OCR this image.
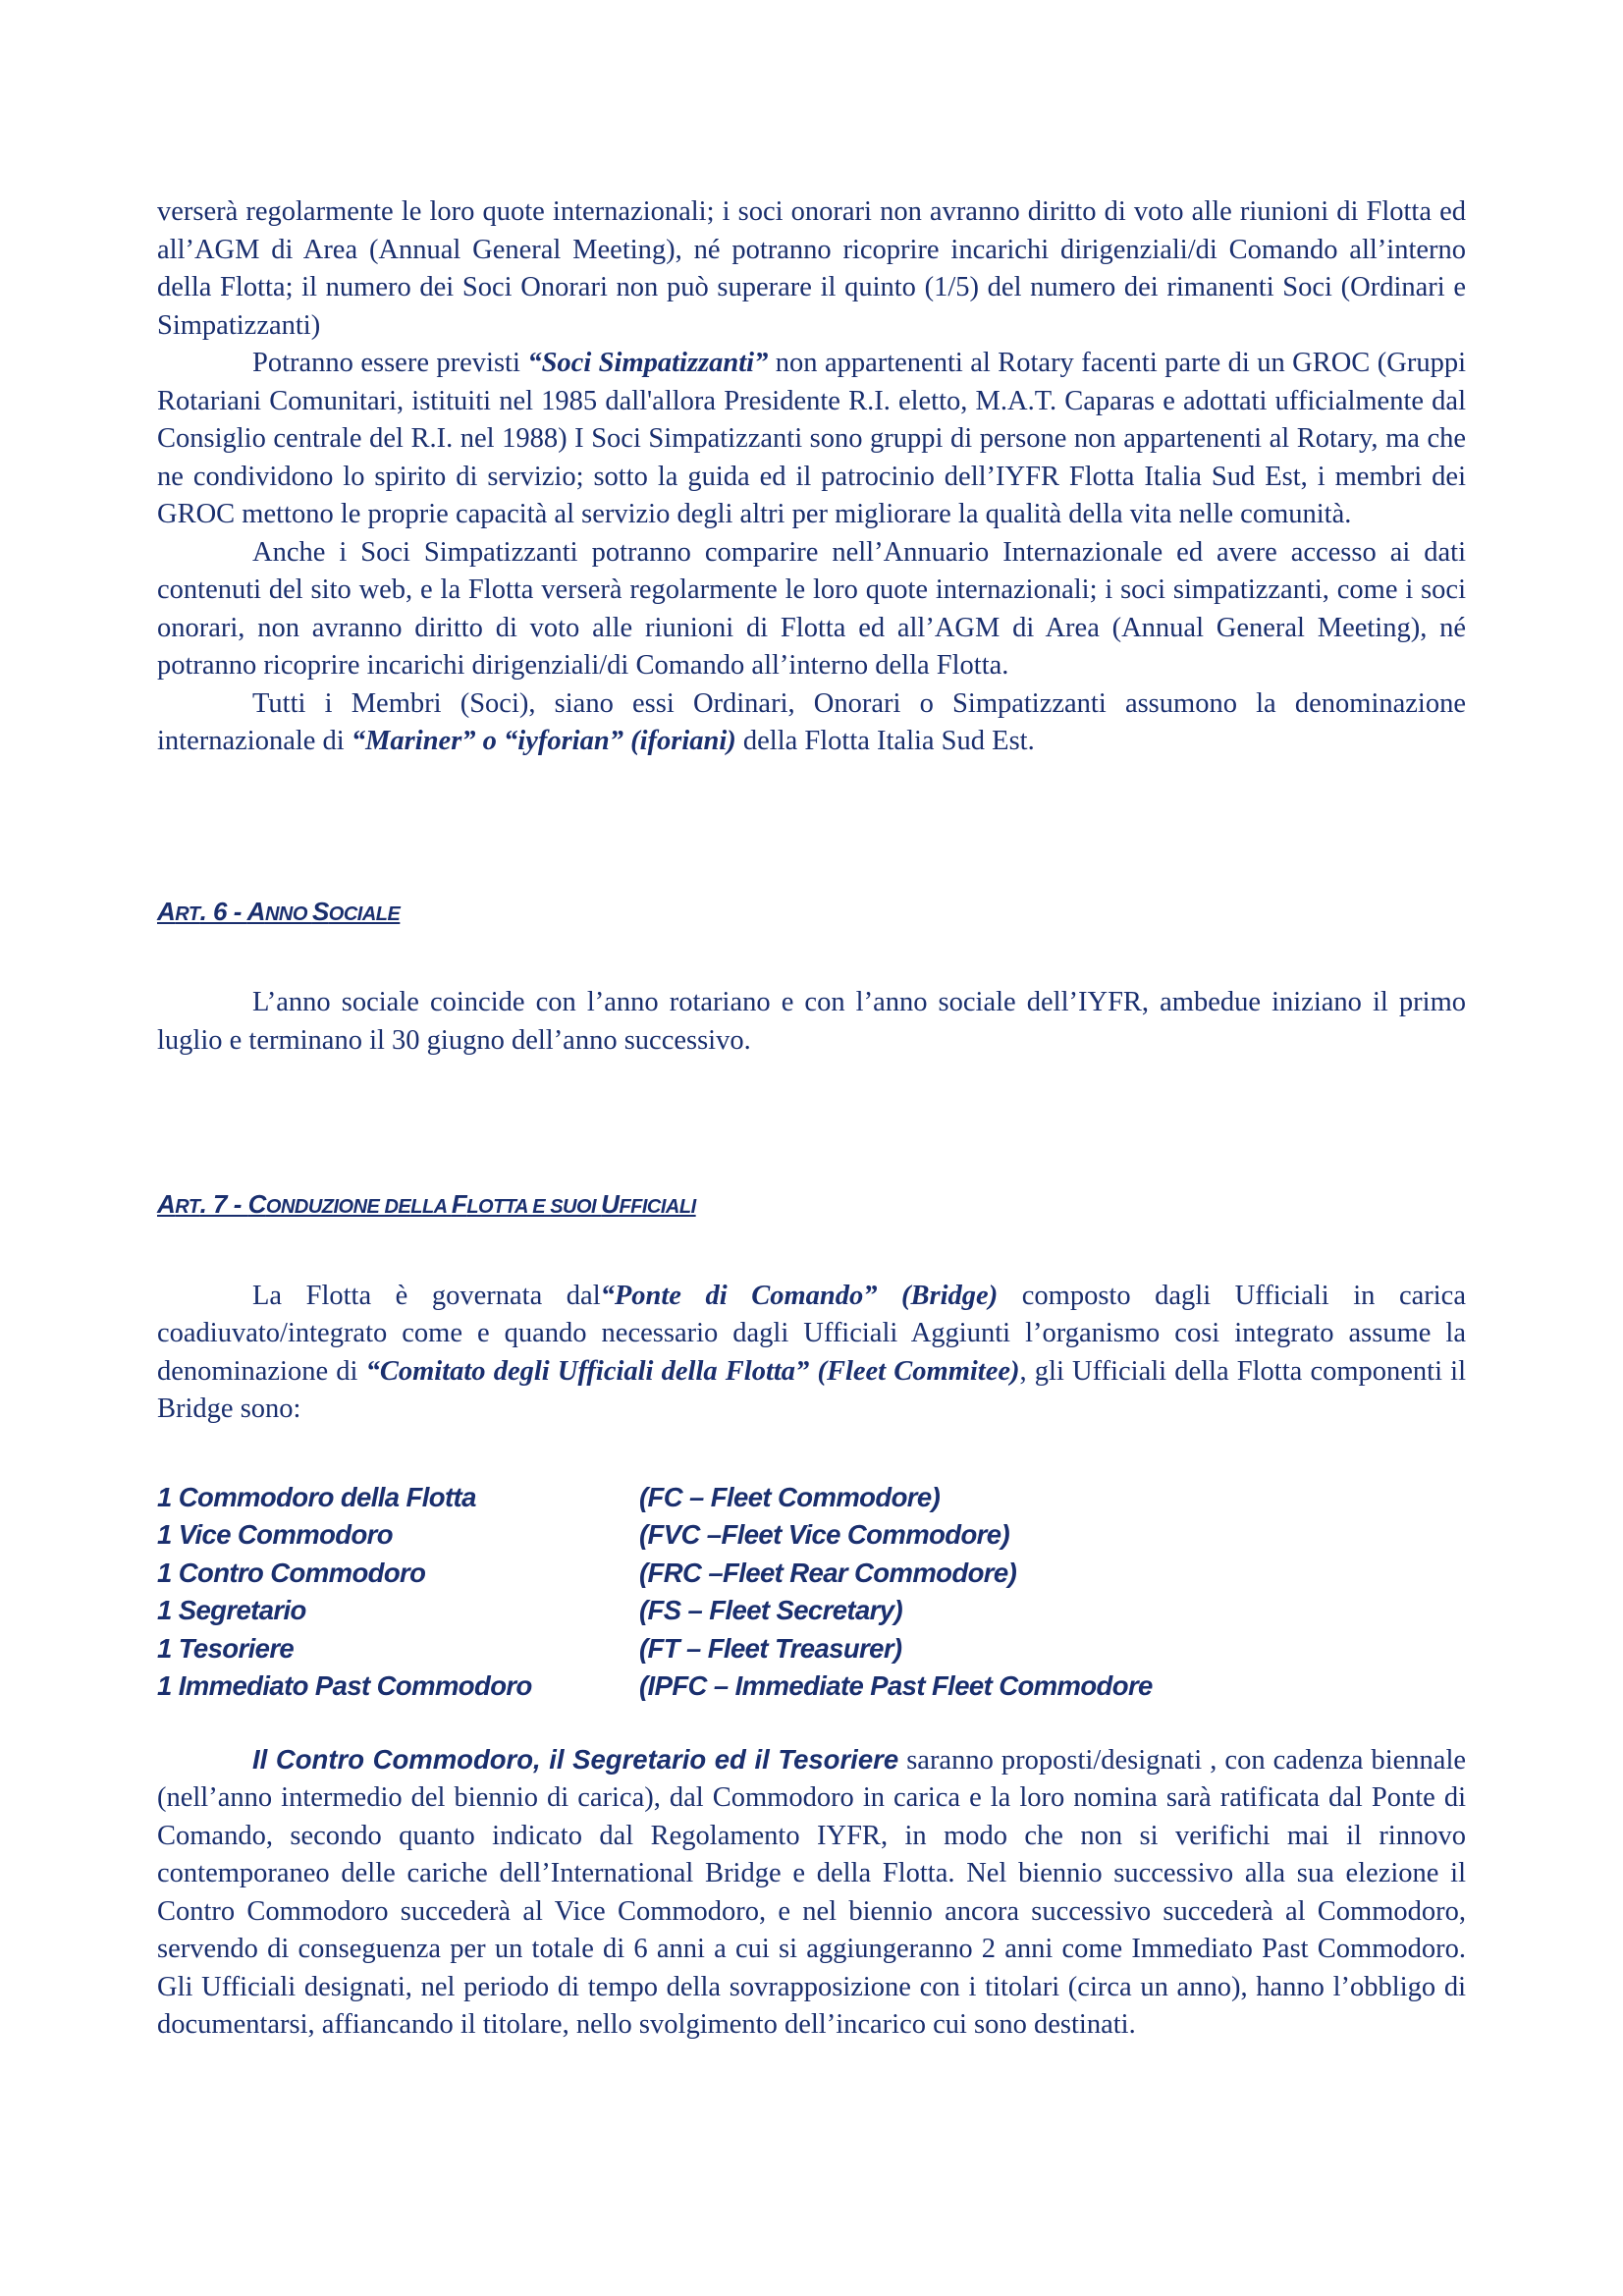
verserà regolarmente le loro quote internazionali; i soci onorari non avranno diritto di voto alle riunioni di Flotta ed all’AGM di Area (Annual General Meeting), né potranno ricoprire incarichi dirigenziali/di Comando all’interno della Flotta; il numero dei Soci Onorari non può superare il quinto (1/5) del numero dei rimanenti Soci (Ordinari e Simpatizzanti)

Potranno essere previsti “Soci Simpatizzanti” non appartenenti al Rotary facenti parte di un GROC (Gruppi Rotariani Comunitari, istituiti nel 1985 dall'allora Presidente R.I. eletto, M.A.T. Caparas e adottati ufficialmente dal Consiglio centrale del R.I. nel 1988) I Soci Simpatizzanti sono gruppi di persone non appartenenti al Rotary, ma che ne condividono lo spirito di servizio; sotto la guida ed il patrocinio dell’IYFR Flotta Italia Sud Est, i membri dei GROC mettono le proprie capacità al servizio degli altri per migliorare la qualità della vita nelle comunità.

Anche i Soci Simpatizzanti potranno comparire nell’Annuario Internazionale ed avere accesso ai dati contenuti del sito web, e la Flotta verserà regolarmente le loro quote internazionali; i soci simpatizzanti, come i soci onorari, non avranno diritto di voto alle riunioni di Flotta ed all’AGM di Area (Annual General Meeting), né potranno ricoprire incarichi dirigenziali/di Comando all’interno della Flotta.

Tutti i Membri (Soci), siano essi Ordinari, Onorari o Simpatizzanti assumono la denominazione internazionale di “Mariner” o “iyforian” (iforiani) della Flotta Italia Sud Est.

ART. 6 - ANNO SOCIALE

L’anno sociale coincide con l’anno rotariano e con l’anno sociale dell’IYFR, ambedue iniziano il primo luglio e terminano il 30 giugno dell’anno successivo.

ART. 7 - CONDUZIONE DELLA FLOTTA E SUOI UFFICIALI

La Flotta è governata dal“Ponte di Comando” (Bridge) composto dagli Ufficiali in carica coadiuvato/integrato come e quando necessario dagli Ufficiali Aggiunti l’organismo cosi integrato assume la denominazione di “Comitato degli Ufficiali della Flotta” (Fleet Commitee), gli Ufficiali della Flotta componenti il Bridge sono:

1 Commodoro della Flotta	(FC – Fleet Commodore)
1 Vice Commodoro	(FVC –Fleet Vice Commodore)
1 Contro Commodoro	(FRC –Fleet Rear Commodore)
1 Segretario	(FS – Fleet Secretary)
1 Tesoriere	(FT – Fleet Treasurer)
1 Immediato Past Commodoro	(IPFC – Immediate Past Fleet Commodore

Il Contro Commodoro, il Segretario ed il Tesoriere saranno proposti/designati , con cadenza biennale (nell’anno intermedio del biennio di carica), dal Commodoro in carica e la loro nomina sarà ratificata dal Ponte di Comando, secondo quanto indicato dal Regolamento IYFR, in modo che non si verifichi mai il rinnovo contemporaneo delle cariche dell’International Bridge e della Flotta. Nel biennio successivo alla sua elezione il Contro Commodoro succederà al Vice Commodoro, e nel biennio ancora successivo succederà al Commodoro, servendo di conseguenza per un totale di 6 anni a cui si aggiungeranno 2 anni come Immediato Past Commodoro. Gli Ufficiali designati, nel periodo di tempo della sovrapposizione con i titolari (circa un anno), hanno l’obbligo di documentarsi, affiancando il titolare, nello svolgimento dell’incarico cui sono destinati.
